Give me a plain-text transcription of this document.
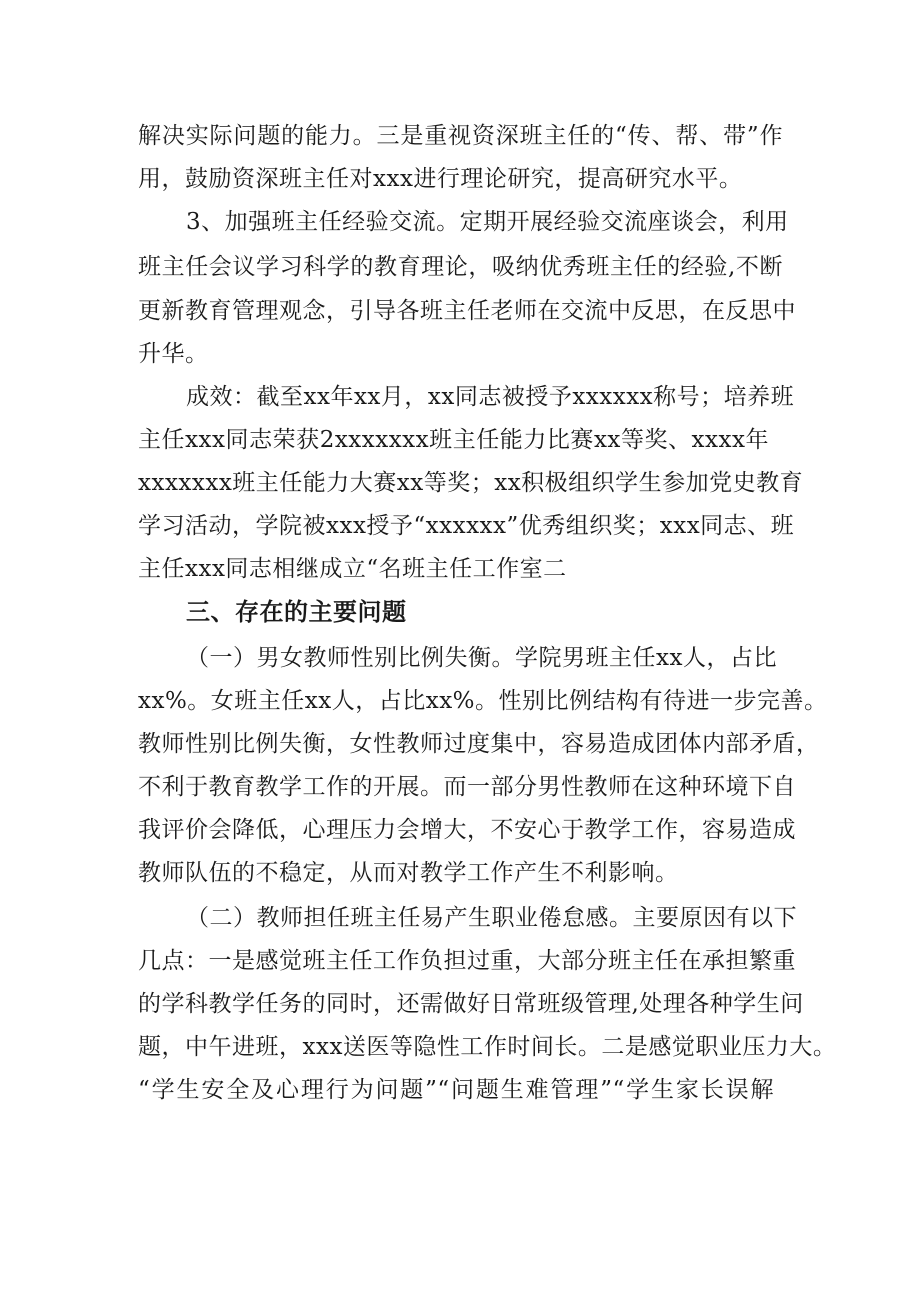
解决实际问题的能力。三是重视资深班主任的“传、帮、带”作
用，鼓励资深班主任对xxx进行理论研究，提高研究水平。
3、加强班主任经验交流。定期开展经验交流座谈会，利用
班主任会议学习科学的教育理论，吸纳优秀班主任的经验,不断
更新教育管理观念，引导各班主任老师在交流中反思，在反思中
升华。
成效：截至xx年xx月，xx同志被授予xxxxxx称号；培养班
主任xxx同志荣获2xxxxxxx班主任能力比赛xx等奖、xxxx年
xxxxxxx班主任能力大赛xx等奖；xx积极组织学生参加党史教育
学习活动，学院被xxx授予“xxxxxx”优秀组织奖；xxx同志、班
主任xxx同志相继成立“名班主任工作室二
三、存在的主要问题
（一）男女教师性别比例失衡。学院男班主任xx人，占比
xx%。女班主任xx人，占比xx%。性别比例结构有待进一步完善。
教师性别比例失衡，女性教师过度集中，容易造成团体内部矛盾，
不利于教育教学工作的开展。而一部分男性教师在这种环境下自
我评价会降低，心理压力会增大，不安心于教学工作，容易造成
教师队伍的不稳定，从而对教学工作产生不利影响。
（二）教师担任班主任易产生职业倦怠感。主要原因有以下
几点：一是感觉班主任工作负担过重，大部分班主任在承担繁重
的学科教学任务的同时，还需做好日常班级管理,处理各种学生问
题，中午进班，xxx送医等隐性工作时间长。二是感觉职业压力大。
“学生安全及心理行为问题”“问题生难管理”“学生家长误解
